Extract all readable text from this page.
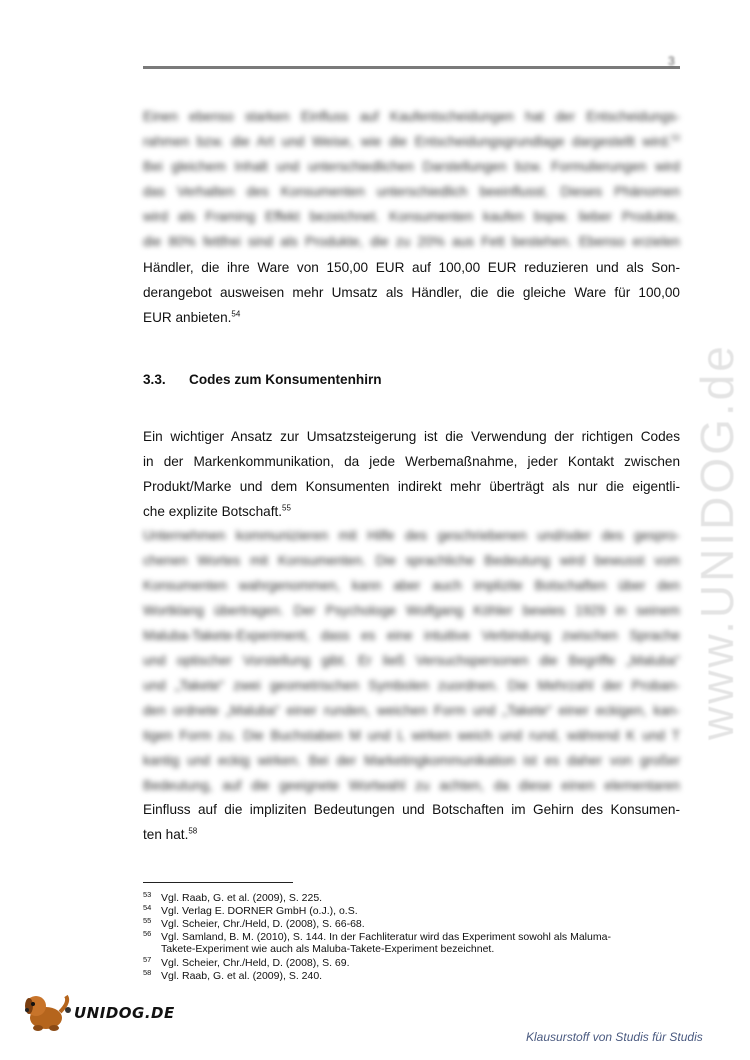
3
www.UNIDOG.de
Einen ebenso starken Einfluss auf Kaufentscheidungen hat der Entscheidungs-
rahmen bzw. die Art und Weise, wie die Entscheidungsgrundlage dargestellt wird.$^{53}$
Bei gleichem Inhalt und unterschiedlichen Darstellungen bzw. Formulierungen wird
das Verhalten des Konsumenten unterschiedlich beeinflusst. Dieses Phänomen
wird als Framing Effekt bezeichnet. Konsumenten kaufen bspw. lieber Produkte,
die 80% fettfrei sind als Produkte, die zu 20% aus Fett bestehen. Ebenso erzielen
Händler, die ihre Ware von 150,00 EUR auf 100,00 EUR reduzieren und als Son-
derangebot ausweisen mehr Umsatz als Händler, die die gleiche Ware für 100,00
EUR anbieten.$^{54}$
3.3. Codes zum Konsumentenhirn
Ein wichtiger Ansatz zur Umsatzsteigerung ist die Verwendung der richtigen Codes
in der Markenkommunikation, da jede Werbemaßnahme, jeder Kontakt zwischen
Produkt/Marke und dem Konsumenten indirekt mehr überträgt als nur die eigentli-
che explizite Botschaft.$^{55}$
Unternehmen kommunizieren mit Hilfe des geschriebenen und/oder des gespro-
chenen Wortes mit Konsumenten. Die sprachliche Bedeutung wird bewusst vom
Konsumenten wahrgenommen, kann aber auch implizite Botschaften über den
Wortklang übertragen. Der Psychologe Wolfgang Köhler bewies 1929 in seinem
Maluba-Takete-Experiment, dass es eine intuitive Verbindung zwischen Sprache
und optischer Vorstellung gibt. Er ließ Versuchspersonen die Begriffe „Maluba“
und „Takete“ zwei geometrischen Symbolen zuordnen. Die Mehrzahl der Proban-
den ordnete „Maluba“ einer runden, weichen Form und „Takete“ einer eckigen, kan-
tigen Form zu. Die Buchstaben M und L wirken weich und rund, während K und T
kantig und eckig wirken. Bei der Marketingkommunikation ist es daher von großer
Bedeutung, auf die geeignete Wortwahl zu achten, da diese einen elementaren
Einfluss auf die impliziten Bedeutungen und Botschaften im Gehirn des Konsumen-
ten hat.$^{58}$
53 Vgl. Raab, G. et al. (2009), S. 225.
54 Vgl. Verlag E. DORNER GmbH (o.J.), o.S.
55 Vgl. Scheier, Chr./Held, D. (2008), S. 66-68.
56 Vgl. Samland, B. M. (2010), S. 144. In der Fachliteratur wird das Experiment sowohl als Maluma-
Takete-Experiment wie auch als Maluba-Takete-Experiment bezeichnet.
57 Vgl. Scheier, Chr./Held, D. (2008), S. 69.
58 Vgl. Raab, G. et al. (2009), S. 240.
UNIDOG.DE
Klausurstoff von Studis für Studis
